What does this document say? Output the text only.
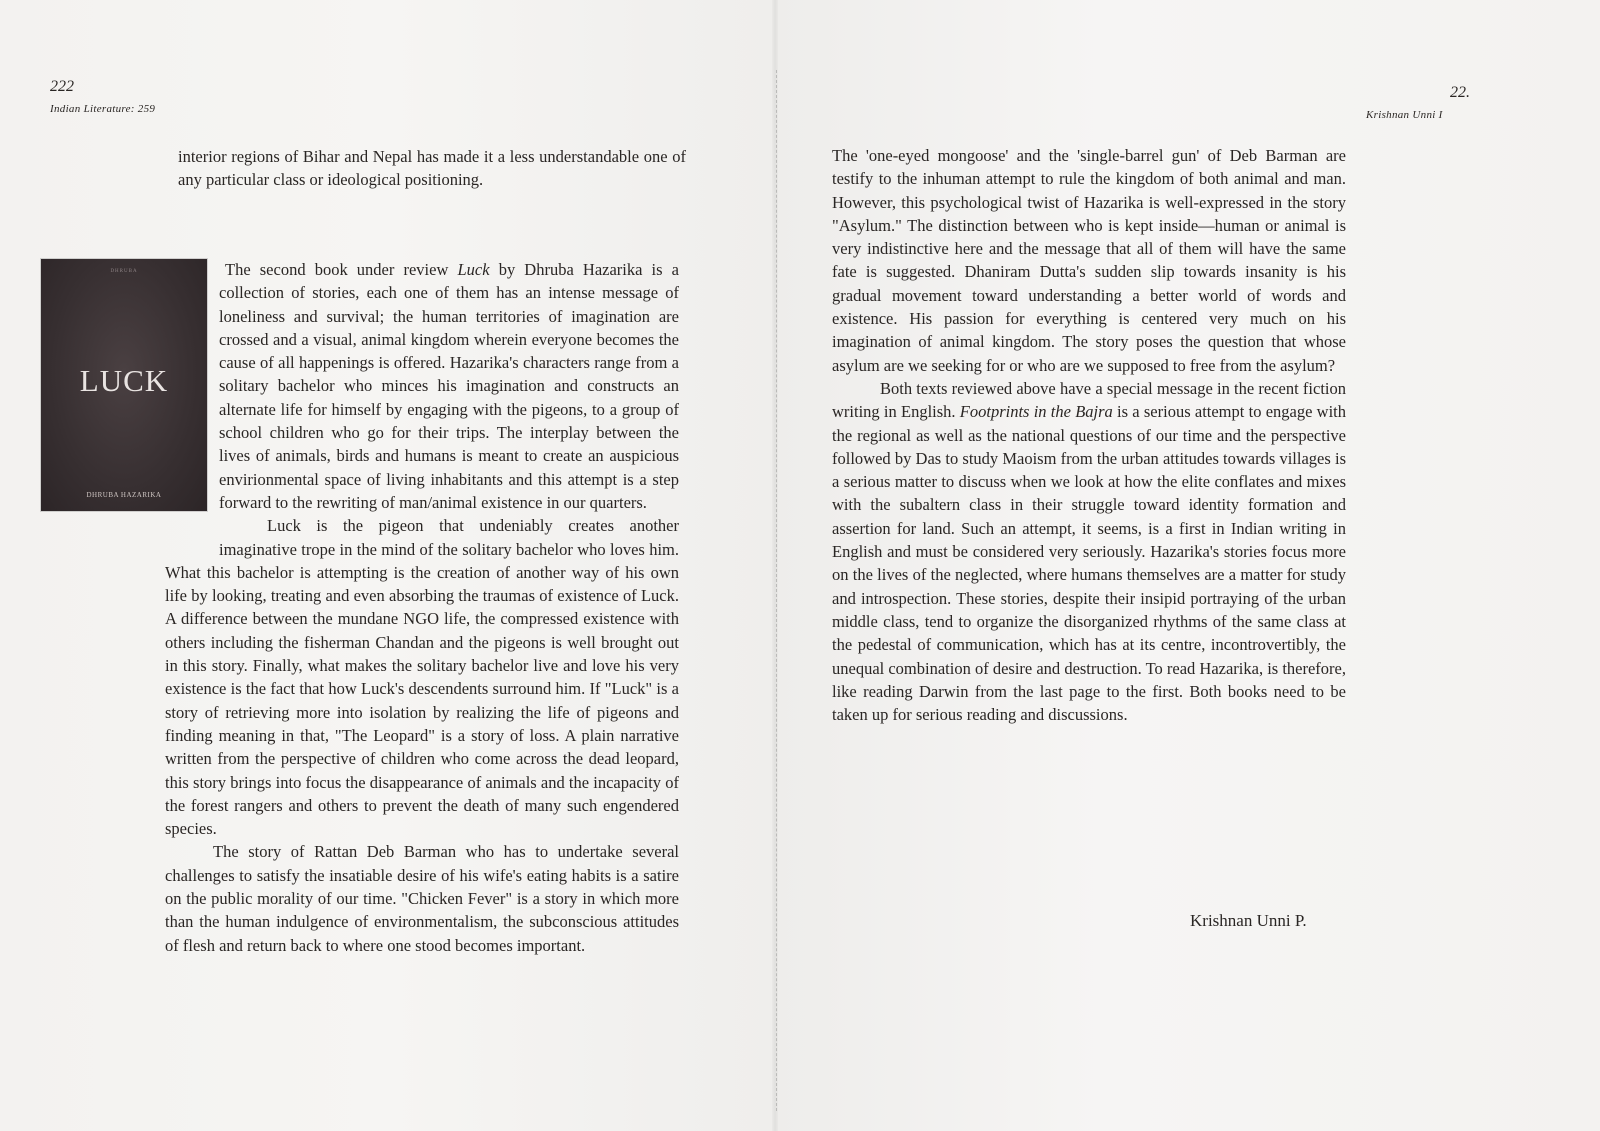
222
Indian Literature: 259

interior regions of Bihar and Nepal has made it a less understandable one of any particular class or ideological positioning.

DHRUBA
LUCK
DHRUBA HAZARIKA

The second book under review Luck by Dhruba Hazarika is a collection of stories, each one of them has an intense message of loneliness and survival; the human territories of imagination are crossed and a visual, animal kingdom wherein everyone becomes the cause of all happenings is offered. Hazarika's characters range from a solitary bachelor who minces his imagination and constructs an alternate life for himself by engaging with the pigeons, to a group of school children who go for their trips. The interplay between the lives of animals, birds and humans is meant to create an auspicious envirionmental space of living inhabitants and this attempt is a step forward to the rewriting of man/animal existence in our quarters.

Luck is the pigeon that undeniably creates another imaginative trope in the mind of the solitary bachelor who loves him. What this bachelor is attempting is the creation of another way of his own life by looking, treating and even absorbing the traumas of existence of Luck. A difference between the mundane NGO life, the compressed existence with others including the fisherman Chandan and the pigeons is well brought out in this story. Finally, what makes the solitary bachelor live and love his very existence is the fact that how Luck's descendents surround him. If "Luck" is a story of retrieving more into isolation by realizing the life of pigeons and finding meaning in that, "The Leopard" is a story of loss. A plain narrative written from the perspective of children who come across the dead leopard, this story brings into focus the disappearance of animals and the incapacity of the forest rangers and others to prevent the death of many such engendered species.

The story of Rattan Deb Barman who has to undertake several challenges to satisfy the insatiable desire of his wife's eating habits is a satire on the public morality of our time. "Chicken Fever" is a story in which more than the human indulgence of environmentalism, the subconscious attitudes of flesh and return back to where one stood becomes important.

22.
Krishnan Unni I

The 'one-eyed mongoose' and the 'single-barrel gun' of Deb Barman are testify to the inhuman attempt to rule the kingdom of both animal and man. However, this psychological twist of Hazarika is well-expressed in the story "Asylum." The distinction between who is kept inside—human or animal is very indistinctive here and the message that all of them will have the same fate is suggested. Dhaniram Dutta's sudden slip towards insanity is his gradual movement toward understanding a better world of words and existence. His passion for everything is centered very much on his imagination of animal kingdom. The story poses the question that whose asylum are we seeking for or who are we supposed to free from the asylum?

Both texts reviewed above have a special message in the recent fiction writing in English. Footprints in the Bajra is a serious attempt to engage with the regional as well as the national questions of our time and the perspective followed by Das to study Maoism from the urban attitudes towards villages is a serious matter to discuss when we look at how the elite conflates and mixes with the subaltern class in their struggle toward identity formation and assertion for land. Such an attempt, it seems, is a first in Indian writing in English and must be considered very seriously. Hazarika's stories focus more on the lives of the neglected, where humans themselves are a matter for study and introspection. These stories, despite their insipid portraying of the urban middle class, tend to organize the disorganized rhythms of the same class at the pedestal of communication, which has at its centre, incontrovertibly, the unequal combination of desire and destruction. To read Hazarika, is therefore, like reading Darwin from the last page to the first. Both books need to be taken up for serious reading and discussions.

Krishnan Unni P.
